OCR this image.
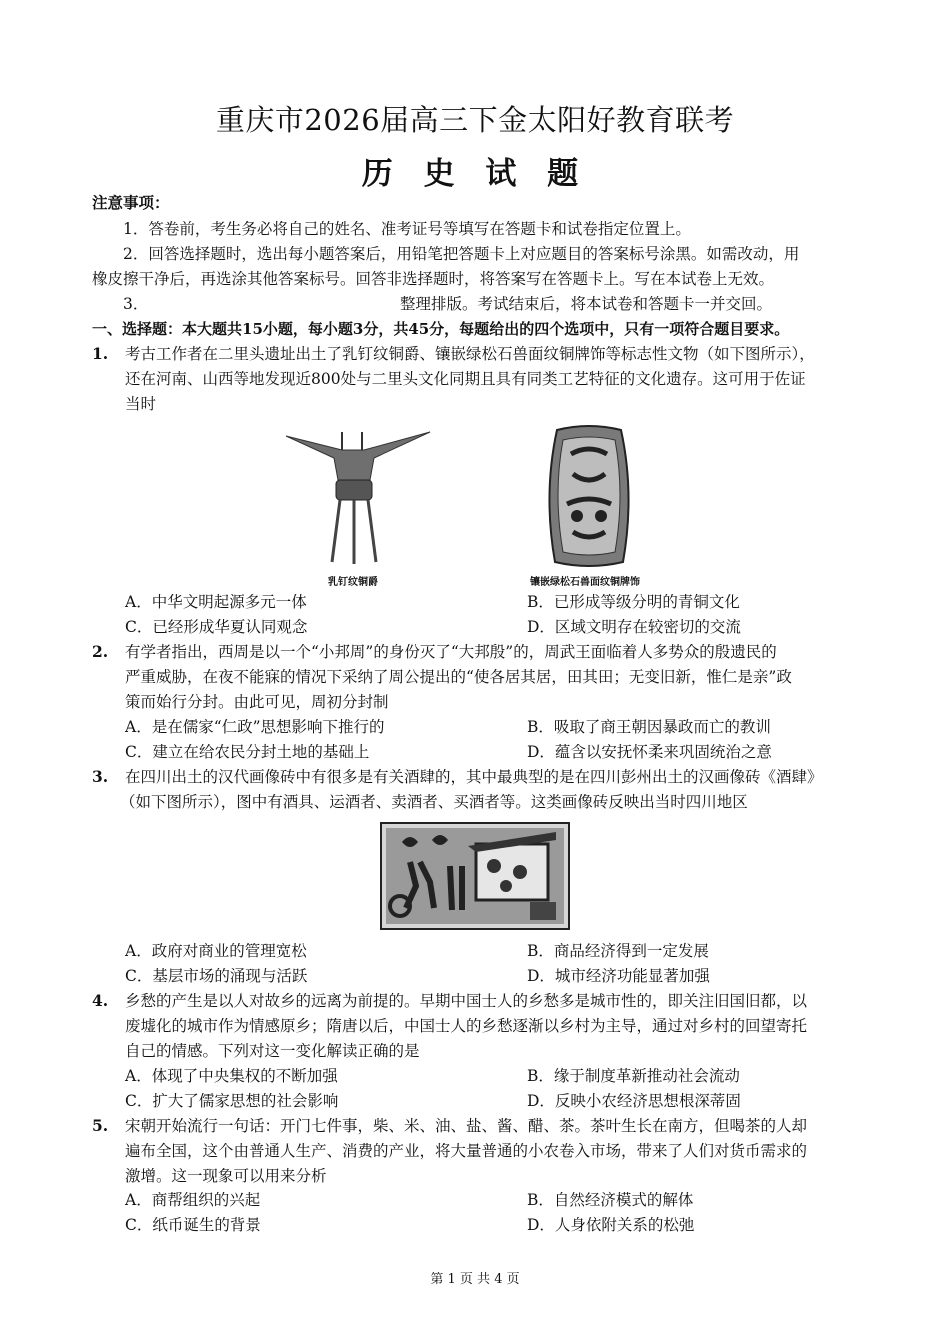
重庆市2026届高三下金太阳好教育联考
历 史 试 题
注意事项：
1．答卷前，考生务必将自己的姓名、准考证号等填写在答题卡和试卷指定位置上。
2．回答选择题时，选出每小题答案后，用铅笔把答题卡上对应题目的答案标号涂黑。如需改动，用
橡皮擦干净后，再选涂其他答案标号。回答非选择题时，将答案写在答题卡上。写在本试卷上无效。
3．	整理排版。考试结束后，将本试卷和答题卡一并交回。
一、选择题：本大题共15小题，每小题3分，共45分，每题给出的四个选项中，只有一项符合题目要求。
1. 考古工作者在二里头遗址出土了乳钉纹铜爵、镶嵌绿松石兽面纹铜牌饰等标志性文物（如下图所示），
还在河南、山西等地发现近800处与二里头文化同期且具有同类工艺特征的文化遗存。这可用于佐证
当时
乳钉纹铜爵	镶嵌绿松石兽面纹铜牌饰
A．中华文明起源多元一体	B．已形成等级分明的青铜文化
C．已经形成华夏认同观念	D．区域文明存在较密切的交流
2. 有学者指出，西周是以一个“小邦周”的身份灭了“大邦殷”的，周武王面临着人多势众的殷遗民的
严重威胁，在夜不能寐的情况下采纳了周公提出的“使各居其居，田其田；无变旧新，惟仁是亲”政
策而始行分封。由此可见，周初分封制
A．是在儒家“仁政”思想影响下推行的	B．吸取了商王朝因暴政而亡的教训
C．建立在给农民分封土地的基础上	D．蕴含以安抚怀柔来巩固统治之意
3. 在四川出土的汉代画像砖中有很多是有关酒肆的，其中最典型的是在四川彭州出土的汉画像砖《酒肆》
（如下图所示），图中有酒具、运酒者、卖酒者、买酒者等。这类画像砖反映出当时四川地区
A．政府对商业的管理宽松	B．商品经济得到一定发展
C．基层市场的涌现与活跃	D．城市经济功能显著加强
4. 乡愁的产生是以人对故乡的远离为前提的。早期中国士人的乡愁多是城市性的，即关注旧国旧都，以
废墟化的城市作为情感原乡；隋唐以后，中国士人的乡愁逐渐以乡村为主导，通过对乡村的回望寄托
自己的情感。下列对这一变化解读正确的是
A．体现了中央集权的不断加强	B．缘于制度革新推动社会流动
C．扩大了儒家思想的社会影响	D．反映小农经济思想根深蒂固
5. 宋朝开始流行一句话：开门七件事，柴、米、油、盐、酱、醋、茶。茶叶生长在南方，但喝茶的人却
遍布全国，这个由普通人生产、消费的产业，将大量普通的小农卷入市场，带来了人们对货币需求的
激增。这一现象可以用来分析
A．商帮组织的兴起	B．自然经济模式的解体
C．纸币诞生的背景	D．人身依附关系的松弛
第 1 页 共 4 页
